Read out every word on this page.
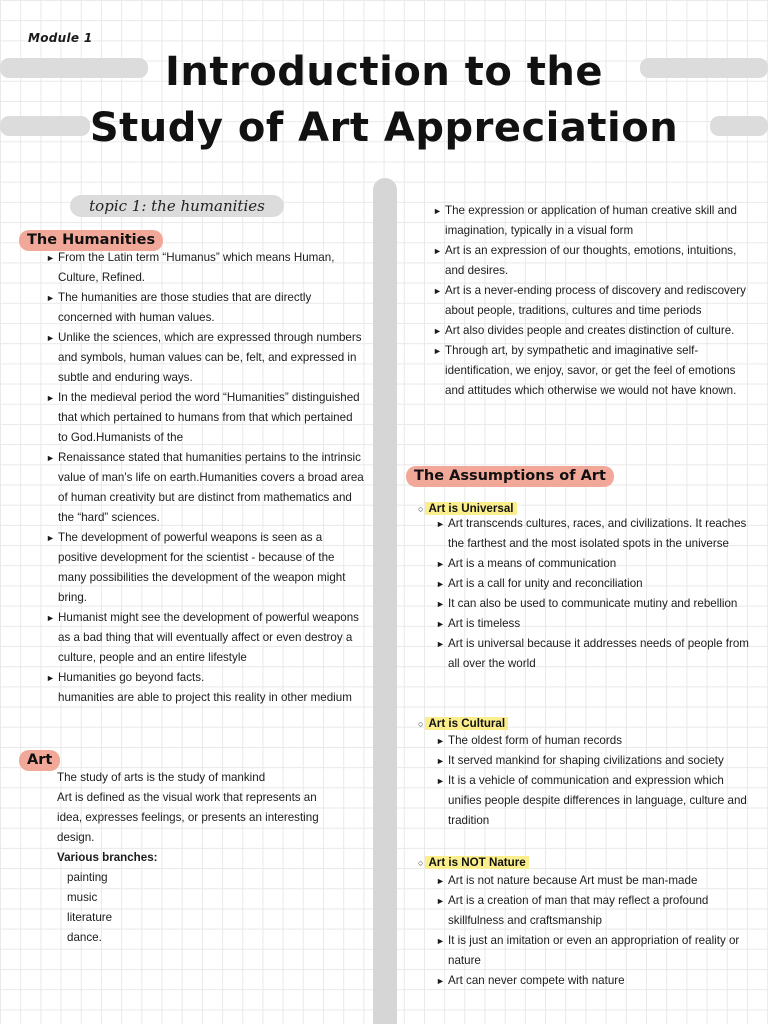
Module 1
Introduction to the
Study of Art Appreciation
topic 1: the humanities
The Humanities
► From the Latin term “Humanus” which means Human, Culture, Refined.
► The humanities are those studies that are directly concerned with human values.
► Unlike the sciences, which are expressed through numbers and symbols, human values can be, felt, and expressed in subtle and enduring ways.
► In the medieval period the word “Humanities” distinguished that which pertained to humans from that which pertained to God.Humanists of the
► Renaissance stated that humanities pertains to the intrinsic value of man's life on earth.Humanities covers a broad area of human creativity but are distinct from mathematics and the “hard” sciences.
► The development of powerful weapons is seen as a positive development for the scientist - because of the many possibilities the development of the weapon might bring.
► Humanist might see the development of powerful weapons as a bad thing that will eventually affect or even destroy a culture, people and an entire lifestyle
► Humanities go beyond facts.
humanities are able to project this reality in other medium
Art
The study of arts is the study of mankind
Art is defined as the visual work that represents an idea, expresses feelings, or presents an interesting design.
Various branches:
painting
music
literature
dance.
► The expression or application of human creative skill and imagination, typically in a visual form
► Art is an expression of our thoughts, emotions, intuitions, and desires.
► Art is a never-ending process of discovery and rediscovery about people, traditions, cultures and time periods
► Art also divides people and creates distinction of culture.
► Through art, by sympathetic and imaginative self-identification, we enjoy, savor, or get the feel of emotions and attitudes which otherwise we would not have known.
The Assumptions of Art
○ Art is Universal
► Art transcends cultures, races, and civilizations. It reaches the farthest and the most isolated spots in the universe
► Art is a means of communication
► Art is a call for unity and reconciliation
► It can also be used to communicate mutiny and rebellion
► Art is timeless
► Art is universal because it addresses needs of people from all over the world
○ Art is Cultural
► The oldest form of human records
► It served mankind for shaping civilizations and society
► It is a vehicle of communication and expression which unifies people despite differences in language, culture and tradition
○ Art is NOT Nature
► Art is not nature because Art must be man-made
► Art is a creation of man that may reflect a profound skillfulness and craftsmanship
► It is just an imitation or even an appropriation of reality or nature
► Art can never compete with nature
